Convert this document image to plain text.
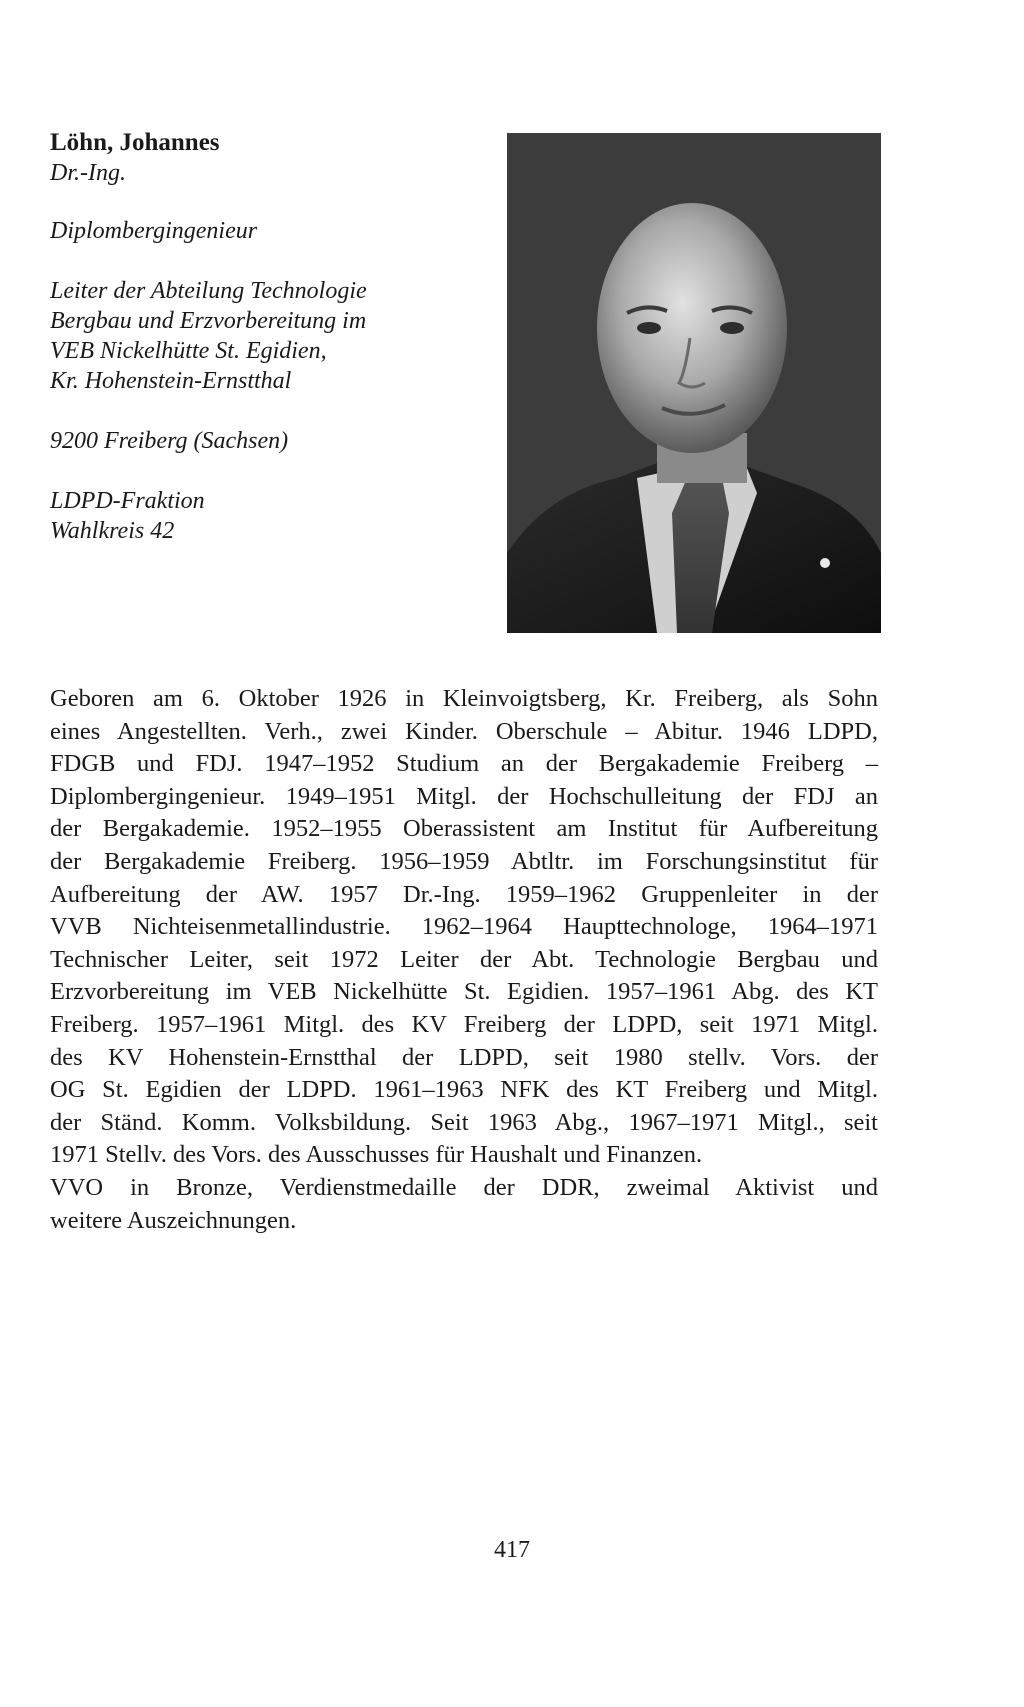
Löhn, Johannes

Dr.-Ing.

Diplombergingenieur

Leiter der Abteilung Technologie

Bergbau und Erzvorbereitung im

VEB Nickelhütte St. Egidien,

Kr. Hohenstein-Ernstthal

9200 Freiberg (Sachsen)

LDPD-Fraktion

Wahlkreis 42

Geboren am 6. Oktober 1926 in Kleinvoigtsberg, Kr. Freiberg, als Sohn
eines Angestellten. Verh., zwei Kinder. Oberschule – Abitur. 1946 LDPD,
FDGB und FDJ. 1947–1952 Studium an der Bergakademie Freiberg –
Diplombergingenieur. 1949–1951 Mitgl. der Hochschulleitung der FDJ an
der Bergakademie. 1952–1955 Oberassistent am Institut für Aufbereitung
der Bergakademie Freiberg. 1956–1959 Abtltr. im Forschungsinstitut für
Aufbereitung der AW. 1957 Dr.-Ing. 1959–1962 Gruppenleiter in der
VVB Nichteisenmetallindustrie. 1962–1964 Haupttechnologe, 1964–1971
Technischer Leiter, seit 1972 Leiter der Abt. Technologie Bergbau und
Erzvorbereitung im VEB Nickelhütte St. Egidien. 1957–1961 Abg. des KT
Freiberg. 1957–1961 Mitgl. des KV Freiberg der LDPD, seit 1971 Mitgl.
des KV Hohenstein-Ernstthal der LDPD, seit 1980 stellv. Vors. der
OG St. Egidien der LDPD. 1961–1963 NFK des KT Freiberg und Mitgl.
der Ständ. Komm. Volksbildung. Seit 1963 Abg., 1967–1971 Mitgl., seit
1971 Stellv. des Vors. des Ausschusses für Haushalt und Finanzen.
VVO in Bronze, Verdienstmedaille der DDR, zweimal Aktivist und
weitere Auszeichnungen.
417
